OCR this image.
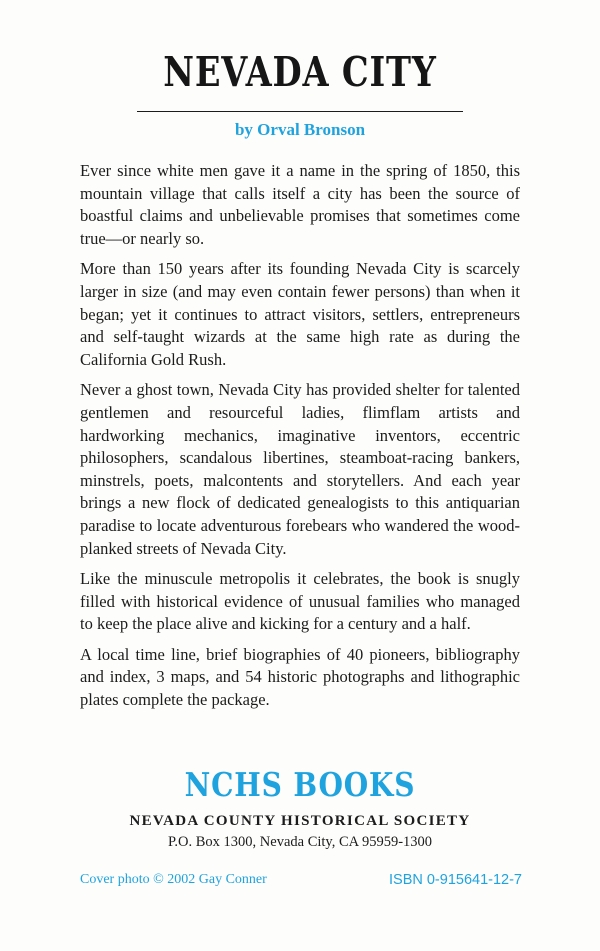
NEVADA CITY
by Orval Bronson

Ever since white men gave it a name in the spring of 1850, this mountain village that calls itself a city has been the source of boastful claims and unbelievable promises that sometimes come true—or nearly so.

More than 150 years after its founding Nevada City is scarcely larger in size (and may even contain fewer persons) than when it began; yet it continues to attract visitors, settlers, entrepreneurs and self-taught wizards at the same high rate as during the California Gold Rush.

Never a ghost town, Nevada City has provided shelter for talented gentlemen and resourceful ladies, flimflam artists and hardworking mechanics, imaginative inventors, eccentric philosophers, scandalous libertines, steamboat-racing bankers, minstrels, poets, malcontents and storytellers. And each year brings a new flock of dedicated genealogists to this antiquarian paradise to locate adventurous forebears who wandered the wood-planked streets of Nevada City.

Like the minuscule metropolis it celebrates, the book is snugly filled with historical evidence of unusual families who managed to keep the place alive and kicking for a century and a half.

A local time line, brief biographies of 40 pioneers, bibliography and index, 3 maps, and 54 historic photographs and lithographic plates complete the package.

NCHS BOOKS
NEVADA COUNTY HISTORICAL SOCIETY
P.O. Box 1300, Nevada City, CA 95959-1300
Cover photo © 2002 Gay Conner	ISBN 0-915641-12-7
